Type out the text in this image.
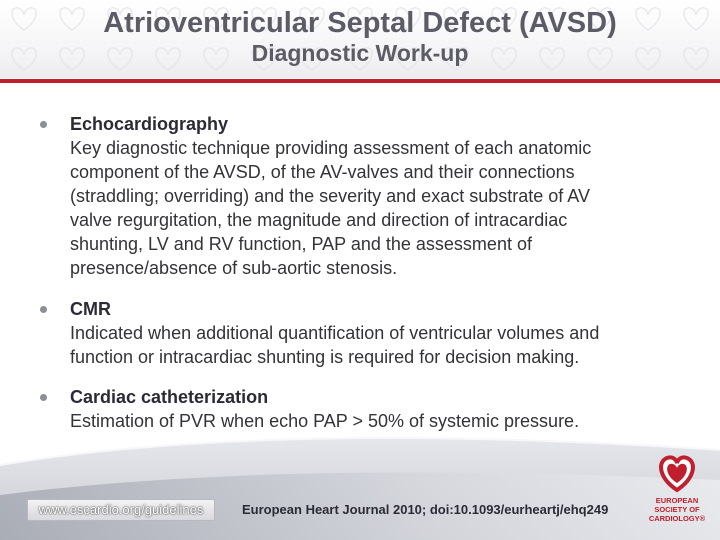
Atrioventricular Septal Defect (AVSD)
Diagnostic Work-up

Echocardiography

Key diagnostic technique providing assessment of each anatomic
component of the AVSD, of the AV-valves and their connections
(straddling; overriding) and the severity and exact substrate of AV
valve regurgitation, the magnitude and direction of intracardiac
shunting, LV and RV function, PAP and the assessment of
presence/absence of sub-aortic stenosis.

CMR

Indicated when additional quantification of ventricular volumes and
function or intracardiac shunting is required for decision making.

Cardiac catheterization

Estimation of PVR when echo PAP > 50% of systemic pressure.

www.escardio.org/guidelines	European Heart Journal 2010; doi:10.1093/eurheartj/ehq249
EUROPEAN
SOCIETY OF
CARDIOLOGY®
